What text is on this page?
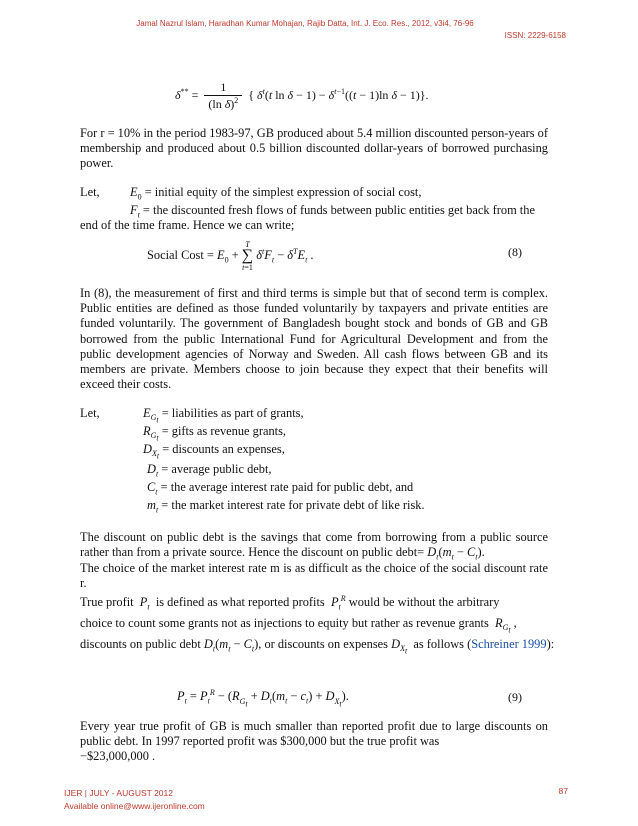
Jamal Nazrul Islam, Haradhan Kumar Mohajan, Rajib Datta, Int. J. Eco. Res., 2012, v3i4, 76-96
ISSN: 2229-6158
$\delta^{**} = \frac{1}{(\ln \delta)^2}$ { $\delta^t(t$ $\ln \delta - 1) - \delta^{t-1}((t - 1)\ln$ δ − 1)}.
For r = 10% in the period 1983-97, GB produced about 5.4 million discounted person-years of membership and produced about 0.5 billion discounted dollar-years of borrowed purchasing power.
Let, $E_0$ = initial equity of the simplest expression of social cost,
$F_t$ = the discounted fresh flows of funds between public entities get back from the
end of the time frame. Hence we can write;
Social Cost = $E_0$ +
T
∑
t=1
$\delta^tF_t - \delta^TE_t$ .	(8)
In (8), the measurement of first and third terms is simple but that of second term is complex. Public entities are defined as those funded voluntarily by taxpayers and private entities are funded voluntarily. The government of Bangladesh bought stock and bonds of GB and GB borrowed from the public International Fund for Agricultural Development and from the public development agencies of Norway and Sweden. All cash flows between GB and its members are private. Members choose to join because they expect that their benefits will exceed their costs.
Let,	$E_{G_t}$ = liabilities as part of grants,
$R_{G_t}$ = gifts as revenue grants,
$D_{X_t}$ = discounts an expenses,
$D_t$ = average public debt,
$C_t$ = the average interest rate paid for public debt, and
$m_t$ = the market interest rate for private debt of like risk.
The discount on public debt is the savings that come from borrowing from a public source rather than from a private source. Hence the discount on public debt= $D_t(m_t - C_t)$.
The choice of the market interest rate m is as difficult as the choice of the social discount rate r.
True profit $P_t$ is defined as what reported profits $P_t^R$ would be without the arbitrary
choice to count some grants not as injections to equity but rather as revenue grants $R_{G_t}$ ,
discounts on public debt $D_t(m_t - C_t)$, or discounts on expenses $D_{X_t}$  as follows (Schreiner 1999):
$P_t = P_t^R - (R_{G_t} + D_t(m_t - c_t) + D_{X_t})$.	(9)
Every year true profit of GB is much smaller than reported profit due to large discounts on public debt. In 1997 reported profit was $300,000 but the true profit was
−$23,000,000 .
IJER | JULY - AUGUST 2012
Available online@www.ijeronline.com
87
